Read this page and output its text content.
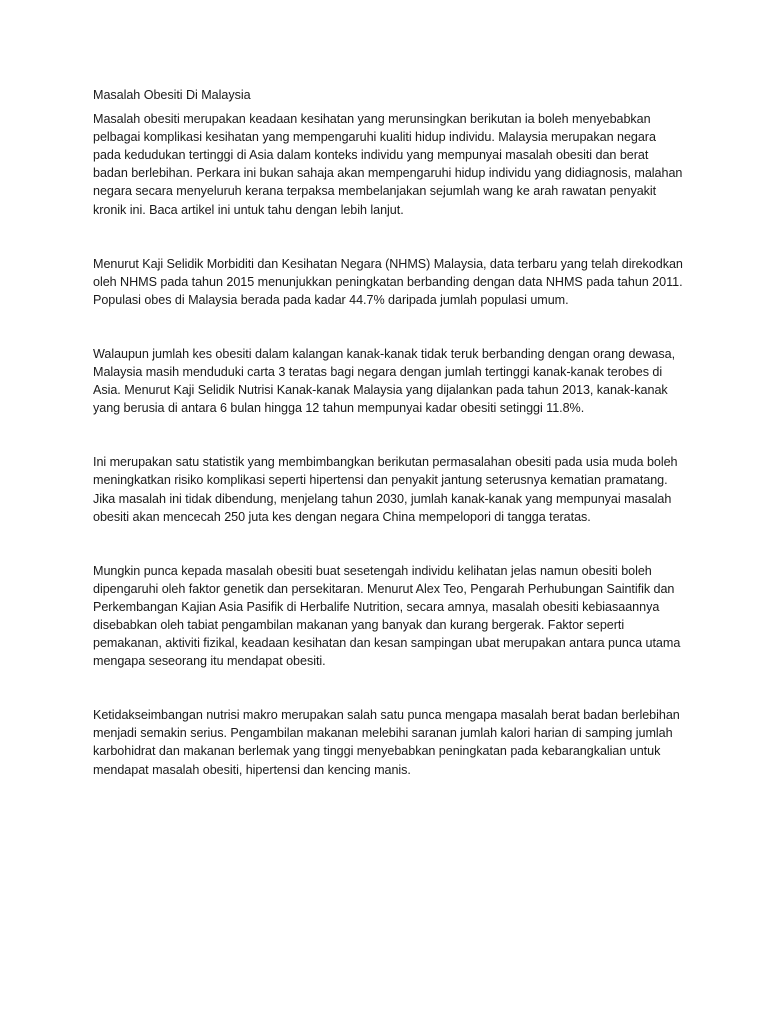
Masalah Obesiti Di Malaysia

Masalah obesiti merupakan keadaan kesihatan yang merunsingkan berikutan ia boleh menyebabkan pelbagai komplikasi kesihatan yang mempengaruhi kualiti hidup individu. Malaysia merupakan negara pada kedudukan tertinggi di Asia dalam konteks individu yang mempunyai masalah obesiti dan berat badan berlebihan. Perkara ini bukan sahaja akan mempengaruhi hidup individu yang didiagnosis, malahan negara secara menyeluruh kerana terpaksa membelanjakan sejumlah wang ke arah rawatan penyakit kronik ini. Baca artikel ini untuk tahu dengan lebih lanjut.

Menurut Kaji Selidik Morbiditi dan Kesihatan Negara (NHMS) Malaysia, data terbaru yang telah direkodkan oleh NHMS pada tahun 2015 menunjukkan peningkatan berbanding dengan data NHMS pada tahun 2011. Populasi obes di Malaysia berada pada kadar 44.7% daripada jumlah populasi umum.

Walaupun jumlah kes obesiti dalam kalangan kanak-kanak tidak teruk berbanding dengan orang dewasa, Malaysia masih menduduki carta 3 teratas bagi negara dengan jumlah tertinggi kanak-kanak terobes di Asia. Menurut Kaji Selidik Nutrisi Kanak-kanak Malaysia yang dijalankan pada tahun 2013, kanak-kanak yang berusia di antara 6 bulan hingga 12 tahun mempunyai kadar obesiti setinggi 11.8%.

Ini merupakan satu statistik yang membimbangkan berikutan permasalahan obesiti pada usia muda boleh meningkatkan risiko komplikasi seperti hipertensi dan penyakit jantung seterusnya kematian pramatang. Jika masalah ini tidak dibendung, menjelang tahun 2030, jumlah kanak-kanak yang mempunyai masalah obesiti akan mencecah 250 juta kes dengan negara China mempelopori di tangga teratas.

Mungkin punca kepada masalah obesiti buat sesetengah individu kelihatan jelas namun obesiti boleh dipengaruhi oleh faktor genetik dan persekitaran. Menurut Alex Teo, Pengarah Perhubungan Saintifik dan Perkembangan Kajian Asia Pasifik di Herbalife Nutrition, secara amnya, masalah obesiti kebiasaannya disebabkan oleh tabiat pengambilan makanan yang banyak dan kurang bergerak. Faktor seperti pemakanan, aktiviti fizikal, keadaan kesihatan dan kesan sampingan ubat merupakan antara punca utama mengapa seseorang itu mendapat obesiti.

Ketidakseimbangan nutrisi makro merupakan salah satu punca mengapa masalah berat badan berlebihan menjadi semakin serius. Pengambilan makanan melebihi saranan jumlah kalori harian di samping jumlah karbohidrat dan makanan berlemak yang tinggi menyebabkan peningkatan pada kebarangkalian untuk mendapat masalah obesiti, hipertensi dan kencing manis.
